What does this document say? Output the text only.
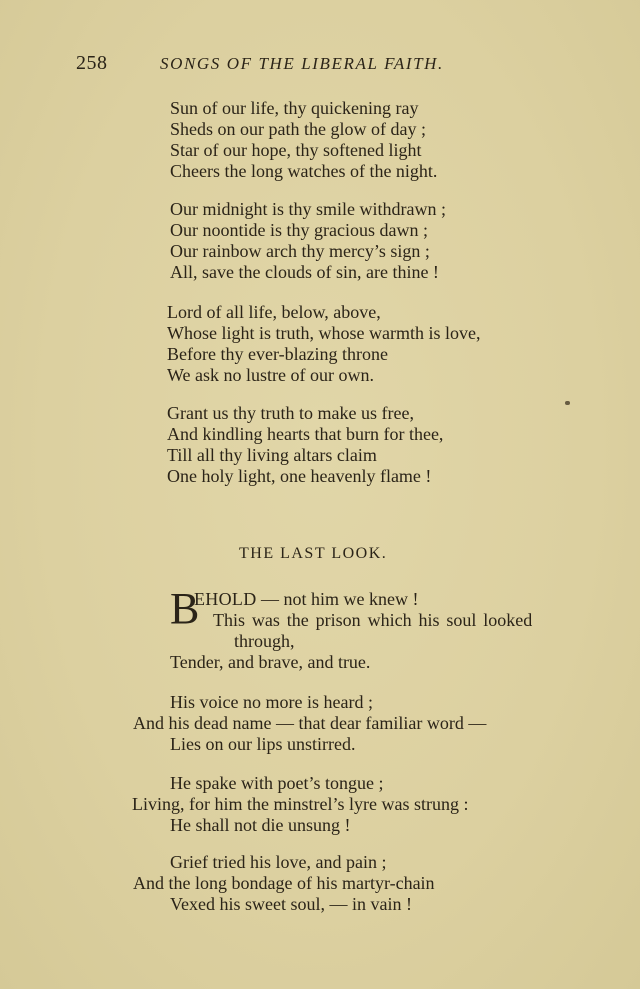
258	SONGS OF THE LIBERAL FAITH.
Sun of our life, thy quickening ray
Sheds on our path the glow of day ;
Star of our hope, thy softened light
Cheers the long watches of the night.
Our midnight is thy smile withdrawn ;
Our noontide is thy gracious dawn ;
Our rainbow arch thy mercy’s sign ;
All, save the clouds of sin, are thine !
Lord of all life, below, above,
Whose light is truth, whose warmth is love,
Before thy ever-blazing throne
We ask no lustre of our own.
Grant us thy truth to make us free,
And kindling hearts that burn for thee,
Till all thy living altars claim
One holy light, one heavenly flame !
THE LAST LOOK.
B
EHOLD — not him we knew !
This was the prison which his soul looked
through,
Tender, and brave, and true.
His voice no more is heard ;
And his dead name — that dear familiar word —
Lies on our lips unstirred.
He spake with poet’s tongue ;
Living, for him the minstrel’s lyre was strung :
He shall not die unsung !
Grief tried his love, and pain ;
And the long bondage of his martyr-chain
Vexed his sweet soul, — in vain !
